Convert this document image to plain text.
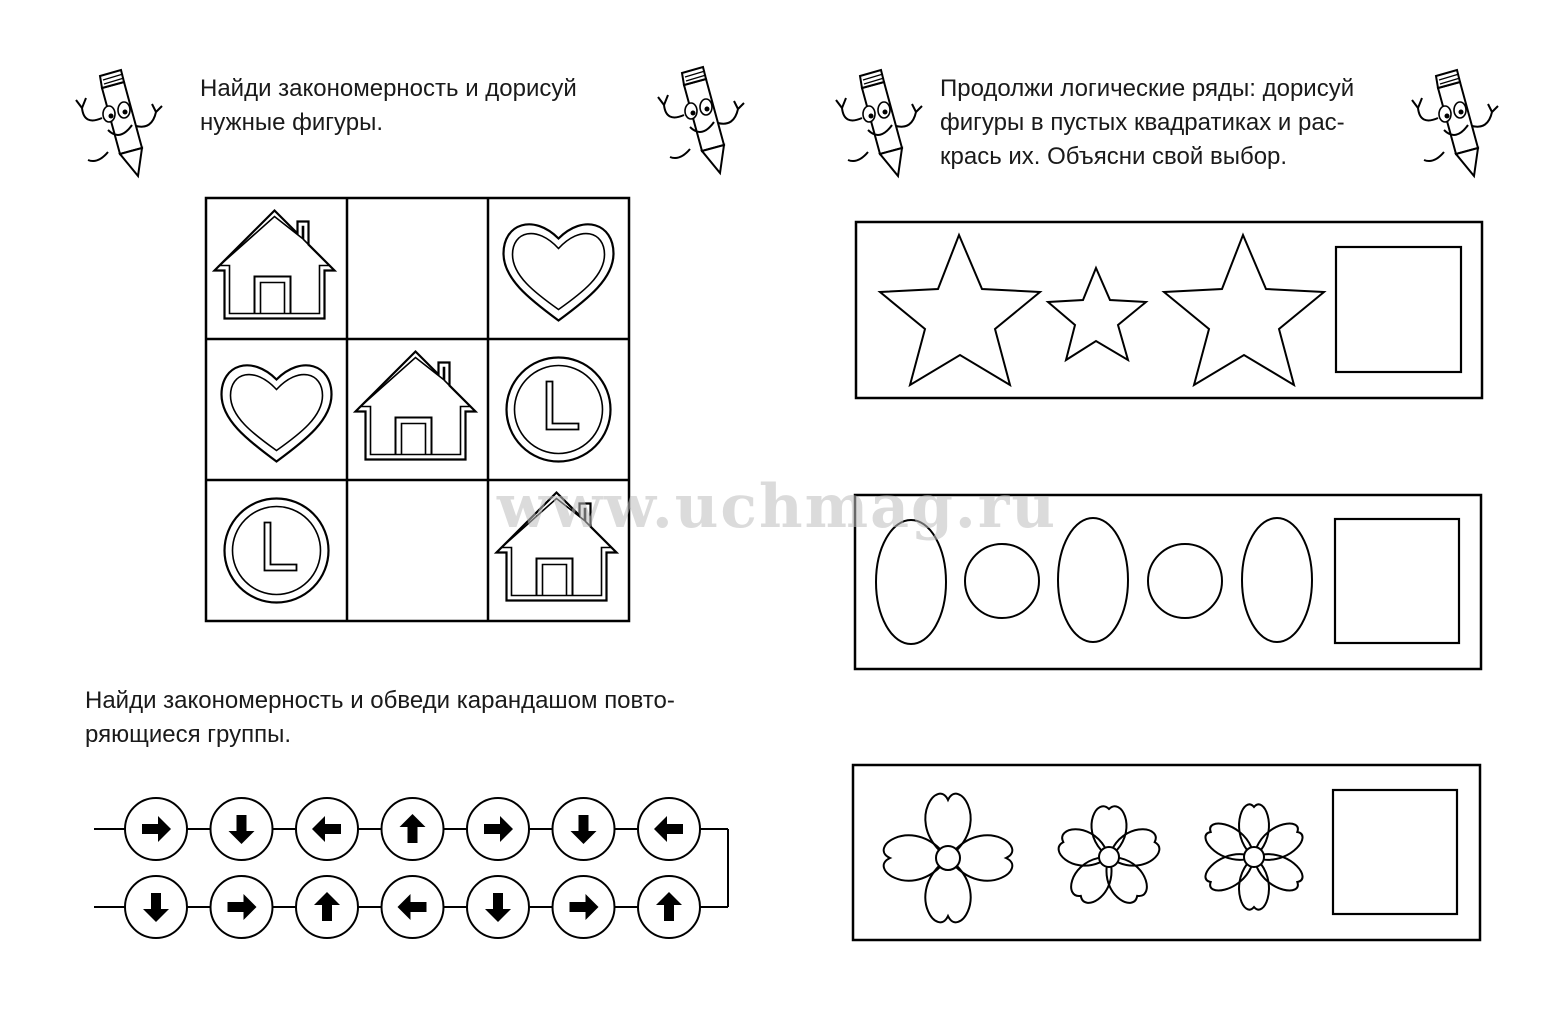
Найди закономерность и дорисуй
нужные фигуры.
Найди закономерность и обведи карандашом повто-
ряющиеся группы.
Продолжи логические ряды: дорисуй
фигуры в пустых квадратиках и рас-
крась их. Объясни свой выбор.
www.uchmag.ru
